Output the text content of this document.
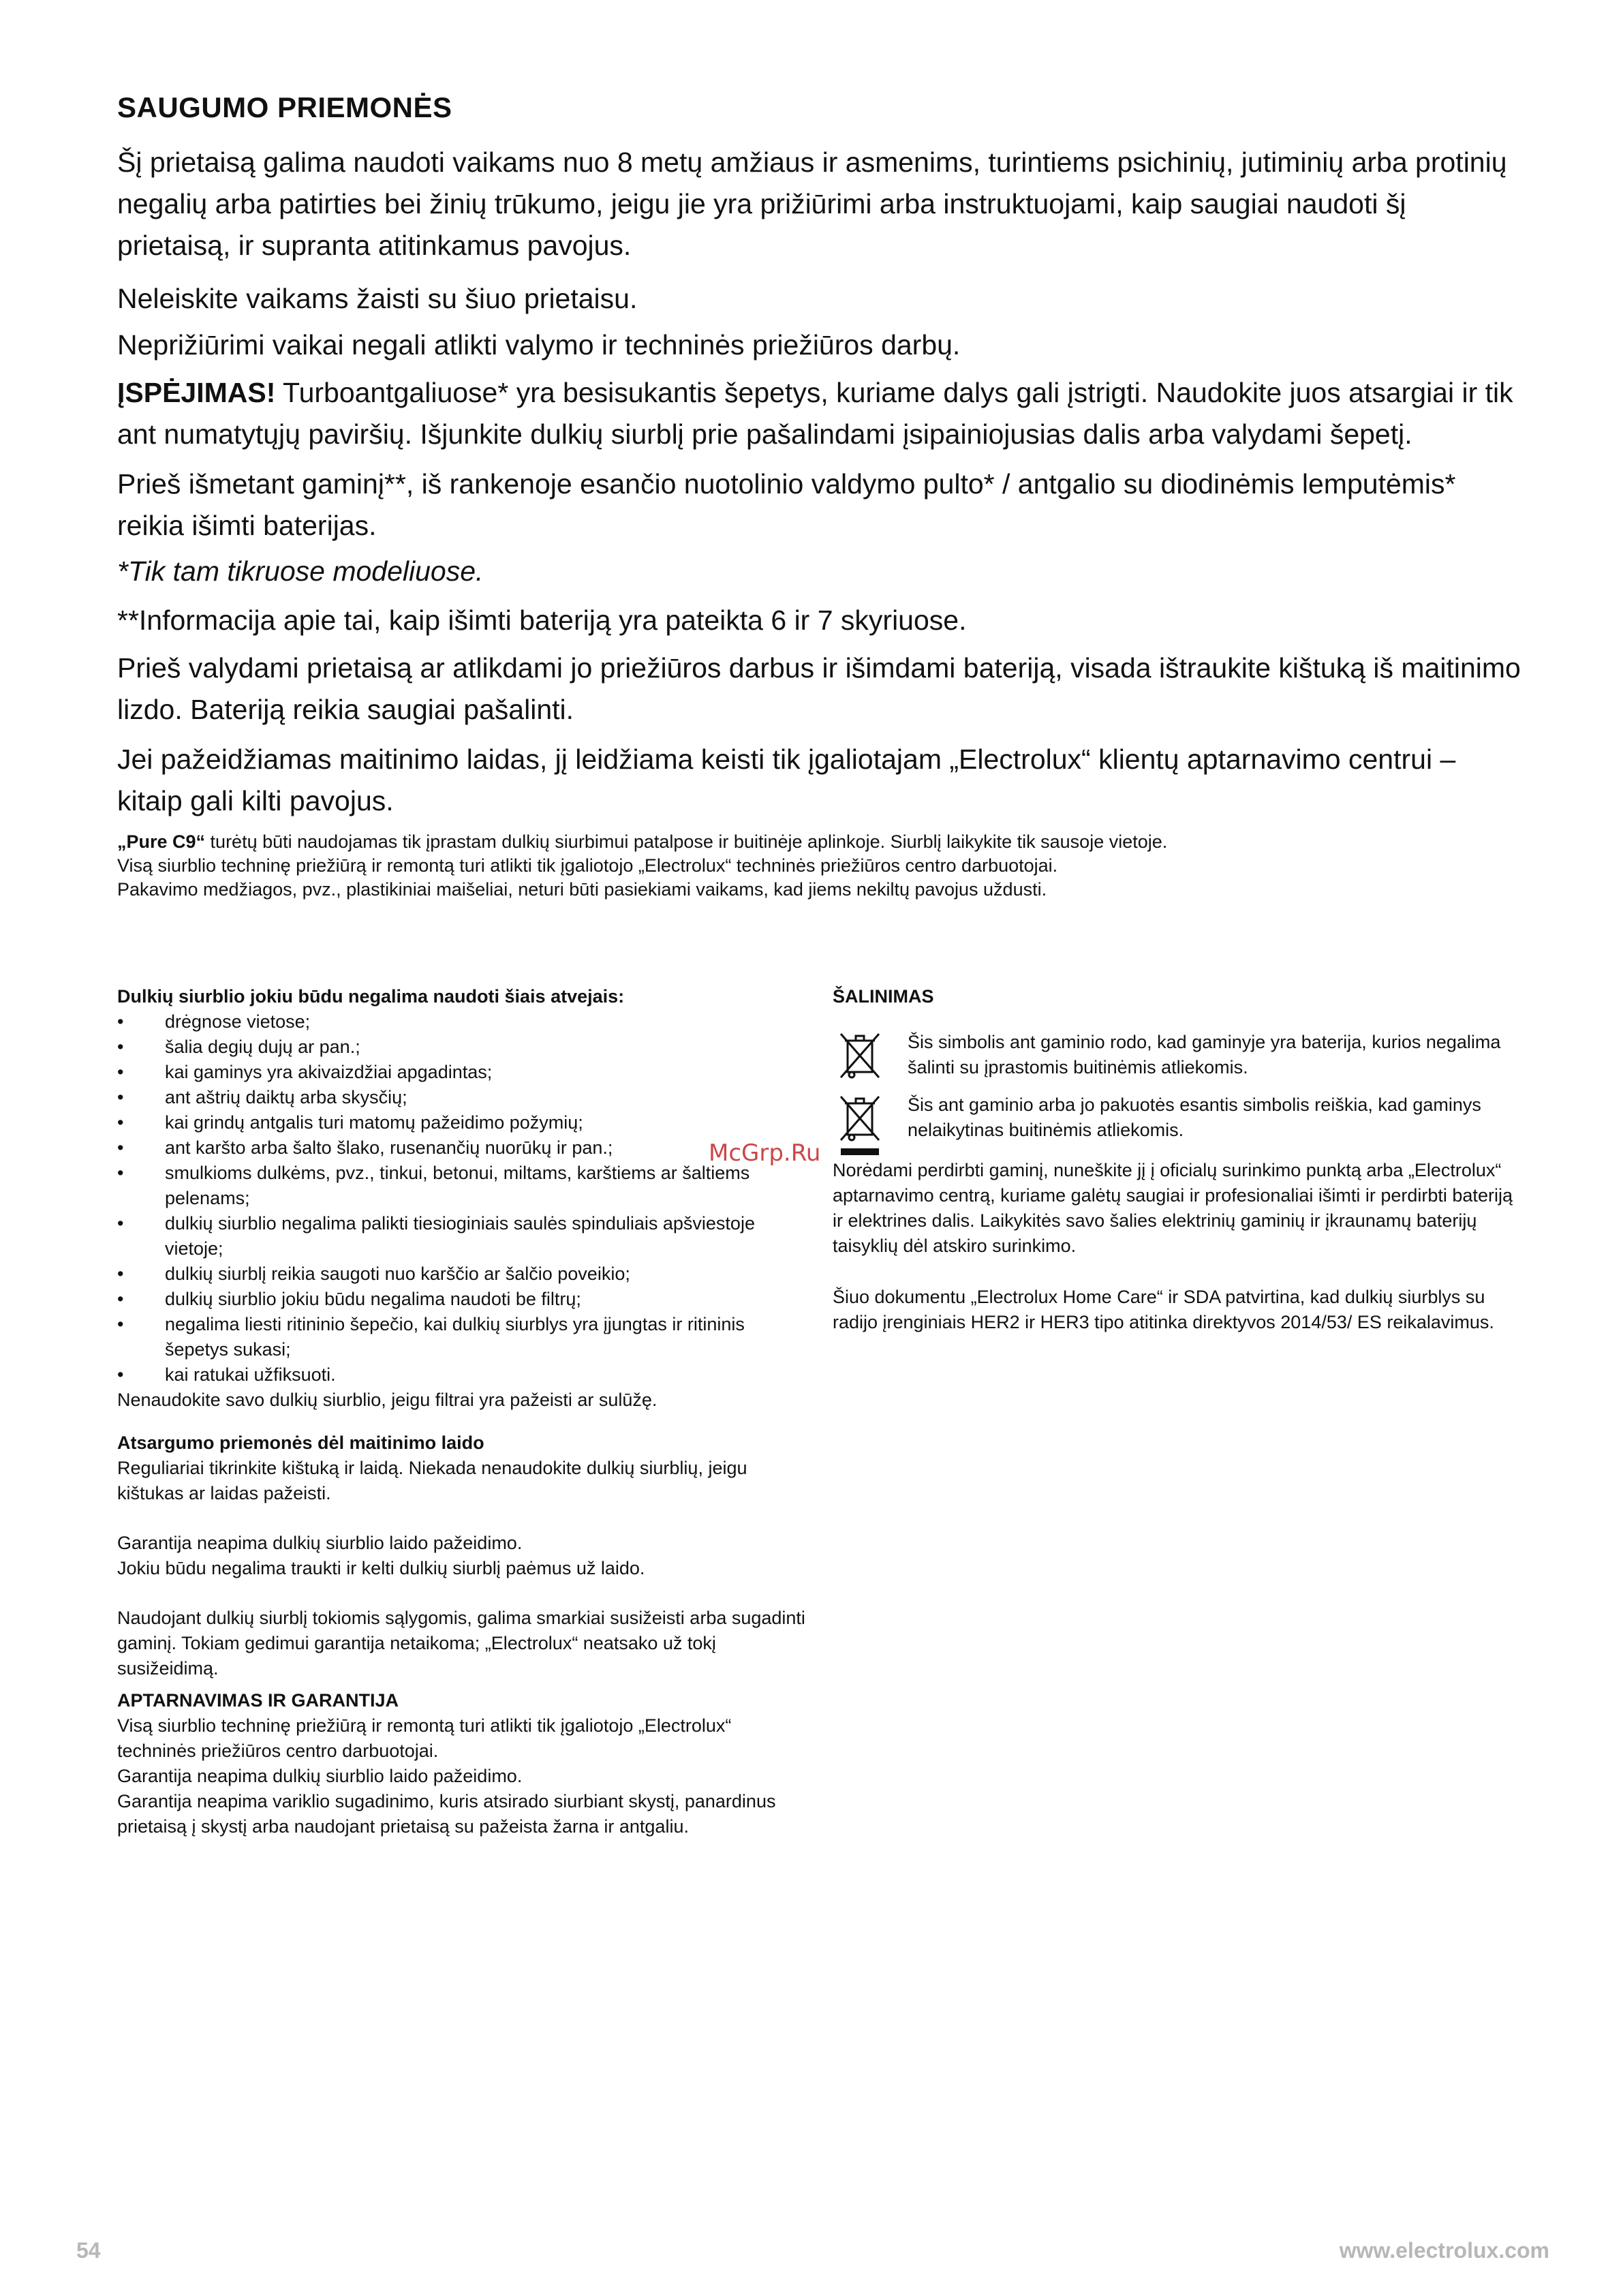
SAUGUMO PRIEMONĖS

Šį prietaisą galima naudoti vaikams nuo 8 metų amžiaus ir asmenims, turintiems psichinių, jutiminių arba protinių negalių arba patirties bei žinių trūkumo, jeigu jie yra prižiūrimi arba instruktuojami, kaip saugiai naudoti šį prietaisą, ir supranta atitinkamus pavojus.

Neleiskite vaikams žaisti su šiuo prietaisu.

Neprižiūrimi vaikai negali atlikti valymo ir techninės priežiūros darbų.

ĮSPĖJIMAS! Turboantgaliuose* yra besisukantis šepetys, kuriame dalys gali įstrigti. Naudokite juos atsargiai ir tik ant numatytųjų paviršių. Išjunkite dulkių siurblį prie pašalindami įsipainiojusias dalis arba valydami šepetį.

Prieš išmetant gaminį**, iš rankenoje esančio nuotolinio valdymo pulto* / antgalio su diodinėmis lemputėmis* reikia išimti baterijas.

*Tik tam tikruose modeliuose.

**Informacija apie tai, kaip išimti bateriją yra pateikta 6 ir 7 skyriuose.

Prieš valydami prietaisą ar atlikdami jo priežiūros darbus ir išimdami bateriją, visada ištraukite kištuką iš maitinimo lizdo. Bateriją reikia saugiai pašalinti.

Jei pažeidžiamas maitinimo laidas, jį leidžiama keisti tik įgaliotajam „Electrolux“ klientų aptarnavimo centrui – kitaip gali kilti pavojus.

„Pure C9“ turėtų būti naudojamas tik įprastam dulkių siurbimui patalpose ir buitinėje aplinkoje. Siurblį laikykite tik sausoje vietoje.
Visą siurblio techninę priežiūrą ir remontą turi atlikti tik įgaliotojo „Electrolux“ techninės priežiūros centro darbuotojai.
Pakavimo medžiagos, pvz., plastikiniai maišeliai, neturi būti pasiekiami vaikams, kad jiems nekiltų pavojus uždusti.

Dulkių siurblio jokiu būdu negalima naudoti šiais atvejais:

• drėgnose vietose;
• šalia degių dujų ar pan.;
• kai gaminys yra akivaizdžiai apgadintas;
• ant aštrių daiktų arba skysčių;
• kai grindų antgalis turi matomų pažeidimo požymių;
• ant karšto arba šalto šlako, rusenančių nuorūkų ir pan.;
• smulkioms dulkėms, pvz., tinkui, betonui, miltams, karštiems ar šaltiems pelenams;
• dulkių siurblio negalima palikti tiesioginiais saulės spinduliais apšviestoje vietoje;
• dulkių siurblį reikia saugoti nuo karščio ar šalčio poveikio;
• dulkių siurblio jokiu būdu negalima naudoti be filtrų;
• negalima liesti ritininio šepečio, kai dulkių siurblys yra įjungtas ir ritininis šepetys sukasi;
• kai ratukai užfiksuoti.

Nenaudokite savo dulkių siurblio, jeigu filtrai yra pažeisti ar sulūžę.

Atsargumo priemonės dėl maitinimo laido

Reguliariai tikrinkite kištuką ir laidą. Niekada nenaudokite dulkių siurblių, jeigu kištukas ar laidas pažeisti.

Garantija neapima dulkių siurblio laido pažeidimo.

Jokiu būdu negalima traukti ir kelti dulkių siurblį paėmus už laido.

Naudojant dulkių siurblį tokiomis sąlygomis, galima smarkiai susižeisti arba sugadinti gaminį. Tokiam gedimui garantija netaikoma; „Electrolux“ neatsako už tokį susižeidimą.

APTARNAVIMAS IR GARANTIJA

Visą siurblio techninę priežiūrą ir remontą turi atlikti tik įgaliotojo „Electrolux“ techninės priežiūros centro darbuotojai.

Garantija neapima dulkių siurblio laido pažeidimo.

Garantija neapima variklio sugadinimo, kuris atsirado siurbiant skystį, panardinus prietaisą į skystį arba naudojant prietaisą su pažeista žarna ir antgaliu.

ŠALINIMAS

Šis simbolis ant gaminio rodo, kad gaminyje yra baterija, kurios negalima šalinti su įprastomis buitinėmis atliekomis.

Šis ant gaminio arba jo pakuotės esantis simbolis reiškia, kad gaminys nelaikytinas buitinėmis atliekomis.

Norėdami perdirbti gaminį, nuneškite jį į oficialų surinkimo punktą arba „Electrolux“ aptarnavimo centrą, kuriame galėtų saugiai ir profesionaliai išimti ir perdirbti bateriją ir elektrines dalis. Laikykitės savo šalies elektrinių gaminių ir įkraunamų baterijų taisyklių dėl atskiro surinkimo.

Šiuo dokumentu „Electrolux Home Care“ ir SDA patvirtina, kad dulkių siurblys su radijo įrenginiais HER2 ir HER3 tipo atitinka direktyvos 2014/53/ ES reikalavimus.

McGrp.Ru
54	www.electrolux.com
